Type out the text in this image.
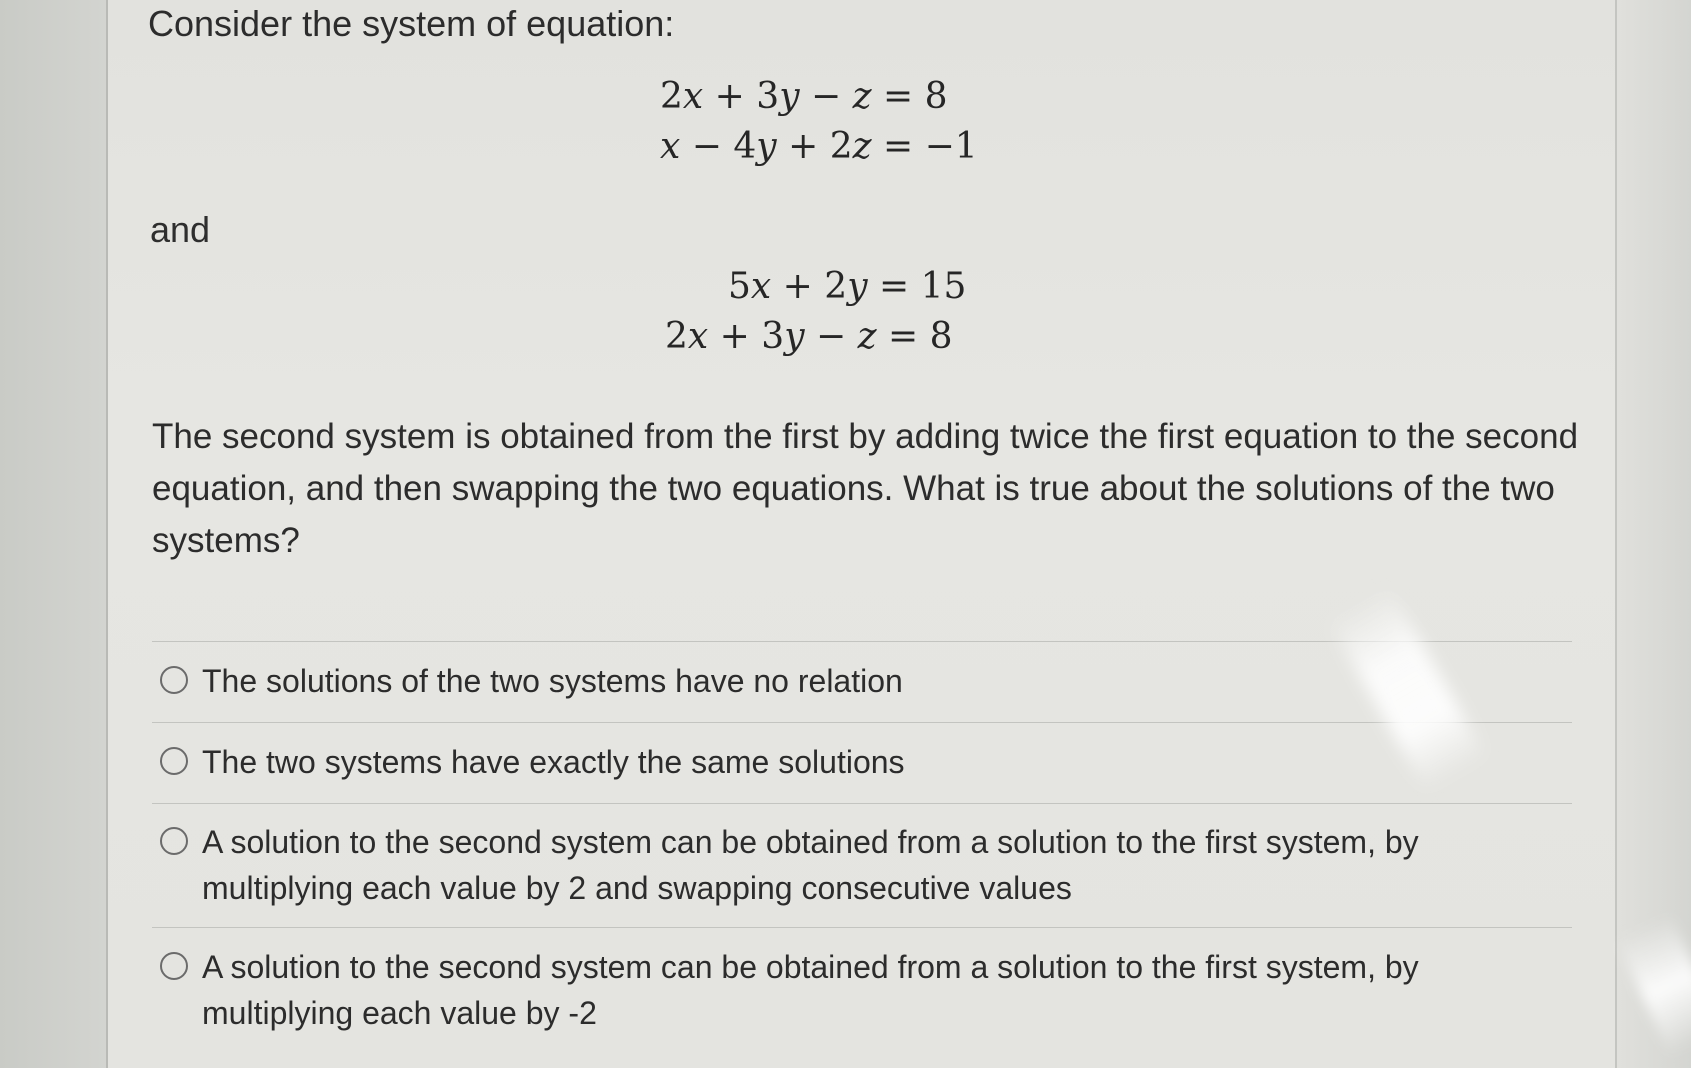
Consider the system of equation:
2x + 3y − z = 8
x − 4y + 2z = −1
and
5x + 2y = 15
2x + 3y − z = 8
The second system is obtained from the first by adding twice the first equation to the second equation, and then swapping the two equations. What is true about the solutions of the two systems?
The solutions of the two systems have no relation
The two systems have exactly the same solutions
A solution to the second system can be obtained from a solution to the first system, by multiplying each value by 2 and swapping consecutive values
A solution to the second system can be obtained from a solution to the first system, by multiplying each value by -2
